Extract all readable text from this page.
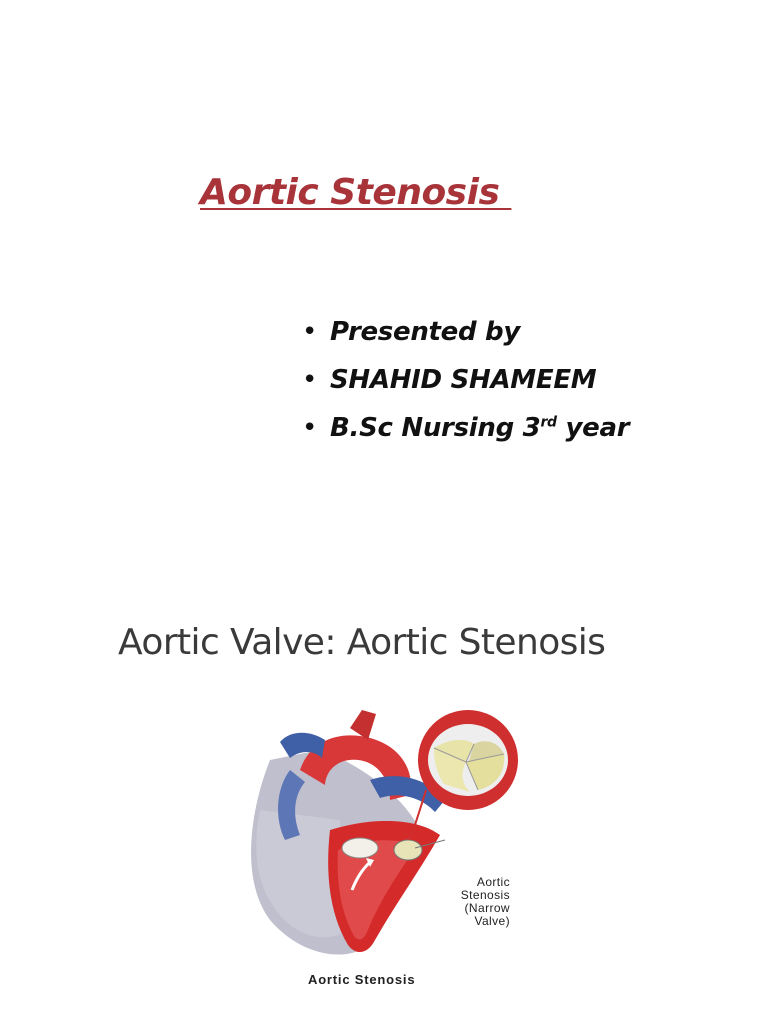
Aortic Stenosis
• Presented by
• SHAHID SHAMEEM
• B.Sc Nursing 3rd year
Aortic Valve: Aortic Stenosis
Aortic
Stenosis
(Narrow
Valve)
Aortic Stenosis
